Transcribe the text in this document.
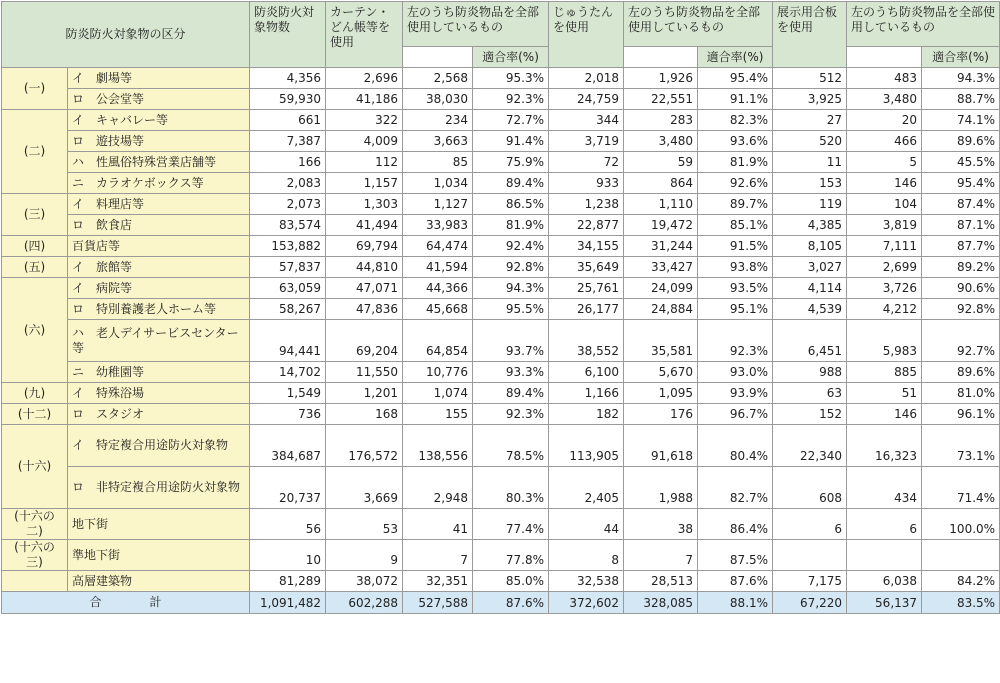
防炎防火対象物の区分		防炎防火対象物数	カーテン・どん帳等を使用	左のうち防炎物品を全部使用しているもの		じゅうたんを使用	左のうち防炎物品を全部使用しているもの		展示用合板を使用	左のうち防炎物品を全部使用しているもの	
					適合率(%)			適合率(%)			適合率(%)
(一)	イ　劇場等	4,356	2,696	2,568	95.3%	2,018	1,926	95.4%	512	483	94.3%
	ロ　公会堂等	59,930	41,186	38,030	92.3%	24,759	22,551	91.1%	3,925	3,480	88.7%
(二)	イ　キャバレー等	661	322	234	72.7%	344	283	82.3%	27	20	74.1%
	ロ　遊技場等	7,387	4,009	3,663	91.4%	3,719	3,480	93.6%	520	466	89.6%
	ハ　性風俗特殊営業店舗等	166	112	85	75.9%	72	59	81.9%	11	5	45.5%
	ニ　カラオケボックス等	2,083	1,157	1,034	89.4%	933	864	92.6%	153	146	95.4%
(三)	イ　料理店等	2,073	1,303	1,127	86.5%	1,238	1,110	89.7%	119	104	87.4%
	ロ　飲食店	83,574	41,494	33,983	81.9%	22,877	19,472	85.1%	4,385	3,819	87.1%
(四)	百貨店等	153,882	69,794	64,474	92.4%	34,155	31,244	91.5%	8,105	7,111	87.7%
(五)	イ　旅館等	57,837	44,810	41,594	92.8%	35,649	33,427	93.8%	3,027	2,699	89.2%
(六)	イ　病院等	63,059	47,071	44,366	94.3%	25,761	24,099	93.5%	4,114	3,726	90.6%
	ロ　特別養護老人ホーム等	58,267	47,836	45,668	95.5%	26,177	24,884	95.1%	4,539	4,212	92.8%
	ハ　老人デイサービスセンター等	94,441	69,204	64,854	93.7%	38,552	35,581	92.3%	6,451	5,983	92.7%
	ニ　幼稚園等	14,702	11,550	10,776	93.3%	6,100	5,670	93.0%	988	885	89.6%
(九)	イ　特殊浴場	1,549	1,201	1,074	89.4%	1,166	1,095	93.9%	63	51	81.0%
(十二)	ロ　スタジオ	736	168	155	92.3%	182	176	96.7%	152	146	96.1%
(十六)	イ　特定複合用途防火対象物	384,687	176,572	138,556	78.5%	113,905	91,618	80.4%	22,340	16,323	73.1%
	ロ　非特定複合用途防火対象物	20,737	3,669	2,948	80.3%	2,405	1,988	82.7%	608	434	71.4%
(十六の二)	地下街	56	53	41	77.4%	44	38	86.4%	6	6	100.0%
(十六の三)	準地下街	10	9	7	77.8%	8	7	87.5%			
	高層建築物	81,289	38,072	32,351	85.0%	32,538	28,513	87.6%	7,175	6,038	84.2%
合　　　　計		1,091,482	602,288	527,588	87.6%	372,602	328,085	88.1%	67,220	56,137	83.5%
